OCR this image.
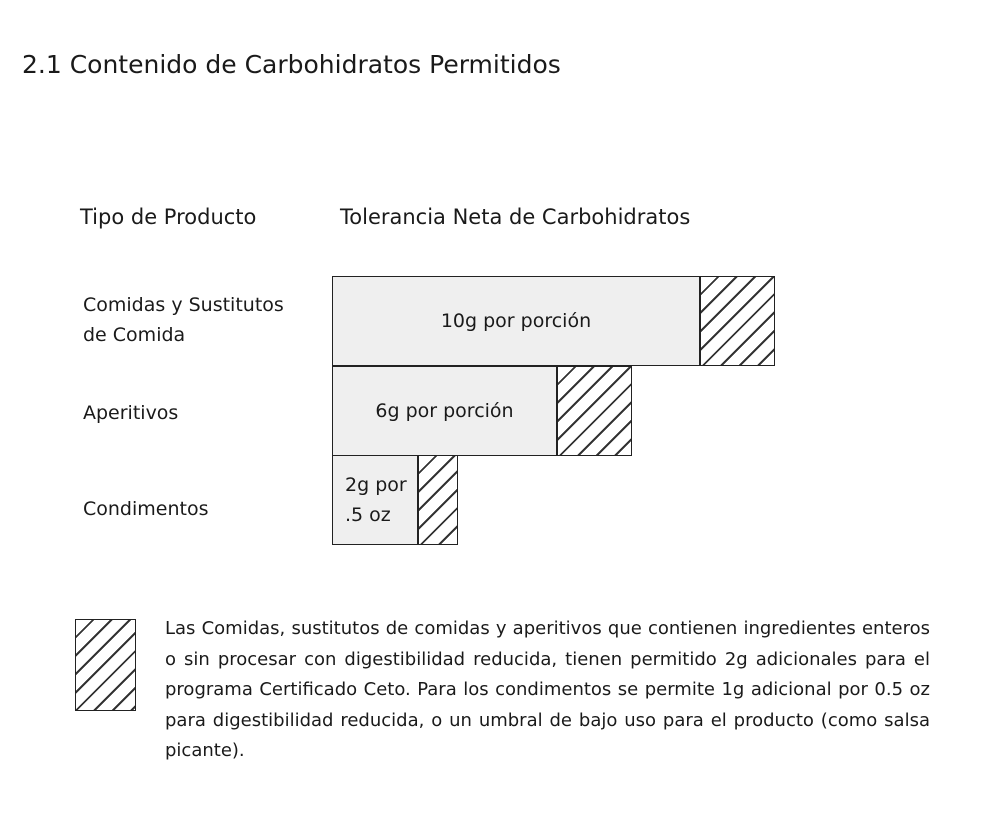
2.1 Contenido de Carbohidratos Permitidos
Tipo de Producto	Tolerancia Neta de Carbohidratos
Comidas y Sustitutos
de Comida
10g por porción
Aperitivos	6g por porción
Condimentos
2g por
.5 oz

Las Comidas, sustitutos de comidas y aperitivos que contienen ingredientes enteros o sin procesar con digestibilidad reducida, tienen permitido 2g adicionales para el programa Certificado Ceto. Para los condimentos se permite 1g adicional por 0.5 oz para digestibilidad reducida, o un umbral de bajo uso para el producto (como salsa picante).
